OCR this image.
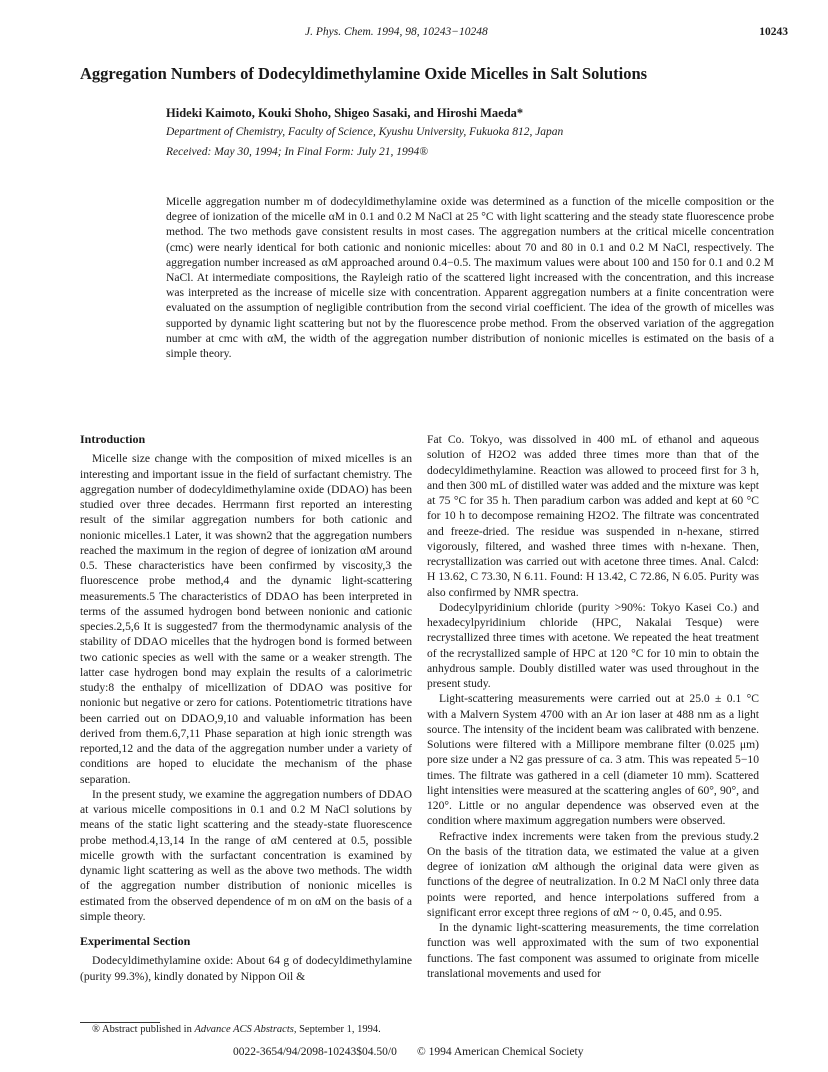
J. Phys. Chem. 1994, 98, 10243−10248	10243
Aggregation Numbers of Dodecyldimethylamine Oxide Micelles in Salt Solutions
Hideki Kaimoto, Kouki Shoho, Shigeo Sasaki, and Hiroshi Maeda*
Department of Chemistry, Faculty of Science, Kyushu University, Fukuoka 812, Japan
Received: May 30, 1994; In Final Form: July 21, 1994®

Micelle aggregation number m of dodecyldimethylamine oxide was determined as a function of the micelle composition or the degree of ionization of the micelle αM in 0.1 and 0.2 M NaCl at 25 °C with light scattering and the steady state fluorescence probe method. The two methods gave consistent results in most cases. The aggregation numbers at the critical micelle concentration (cmc) were nearly identical for both cationic and nonionic micelles: about 70 and 80 in 0.1 and 0.2 M NaCl, respectively. The aggregation number increased as αM approached around 0.4−0.5. The maximum values were about 100 and 150 for 0.1 and 0.2 M NaCl. At intermediate compositions, the Rayleigh ratio of the scattered light increased with the concentration, and this increase was interpreted as the increase of micelle size with concentration. Apparent aggregation numbers at a finite concentration were evaluated on the assumption of negligible contribution from the second virial coefficient. The idea of the growth of micelles was supported by dynamic light scattering but not by the fluorescence probe method. From the observed variation of the aggregation number at cmc with αM, the width of the aggregation number distribution of nonionic micelles is estimated on the basis of a simple theory.

Introduction

Micelle size change with the composition of mixed micelles is an interesting and important issue in the field of surfactant chemistry. The aggregation number of dodecyldimethylamine oxide (DDAO) has been studied over three decades. Herrmann first reported an interesting result of the similar aggregation numbers for both cationic and nonionic micelles.1 Later, it was shown2 that the aggregation numbers reached the maximum in the region of degree of ionization αM around 0.5. These characteristics have been confirmed by viscosity,3 the fluorescence probe method,4 and the dynamic light-scattering measurements.5 The characteristics of DDAO has been interpreted in terms of the assumed hydrogen bond between nonionic and cationic species.2,5,6 It is suggested7 from the thermodynamic analysis of the stability of DDAO micelles that the hydrogen bond is formed between two cationic species as well with the same or a weaker strength. The latter case hydrogen bond may explain the results of a calorimetric study:8 the enthalpy of micellization of DDAO was positive for nonionic but negative or zero for cations. Potentiometric titrations have been carried out on DDAO,9,10 and valuable information has been derived from them.6,7,11 Phase separation at high ionic strength was reported,12 and the data of the aggregation number under a variety of conditions are hoped to elucidate the mechanism of the phase separation.

In the present study, we examine the aggregation numbers of DDAO at various micelle compositions in 0.1 and 0.2 M NaCl solutions by means of the static light scattering and the steady-state fluorescence probe method.4,13,14 In the range of αM centered at 0.5, possible micelle growth with the surfactant concentration is examined by dynamic light scattering as well as the above two methods. The width of the aggregation number distribution of nonionic micelles is estimated from the observed dependence of m on αM on the basis of a simple theory.

Experimental Section

Dodecyldimethylamine oxide: About 64 g of dodecyldimethylamine (purity 99.3%), kindly donated by Nippon Oil &

Fat Co. Tokyo, was dissolved in 400 mL of ethanol and aqueous solution of H2O2 was added three times more than that of the dodecyldimethylamine. Reaction was allowed to proceed first for 3 h, and then 300 mL of distilled water was added and the mixture was kept at 75 °C for 35 h. Then paradium carbon was added and kept at 60 °C for 10 h to decompose remaining H2O2. The filtrate was concentrated and freeze-dried. The residue was suspended in n-hexane, stirred vigorously, filtered, and washed three times with n-hexane. Then, recrystallization was carried out with acetone three times. Anal. Calcd: H 13.62, C 73.30, N 6.11. Found: H 13.42, C 72.86, N 6.05. Purity was also confirmed by NMR spectra.

Dodecylpyridinium chloride (purity >90%: Tokyo Kasei Co.) and hexadecylpyridinium chloride (HPC, Nakalai Tesque) were recrystallized three times with acetone. We repeated the heat treatment of the recrystallized sample of HPC at 120 °C for 10 min to obtain the anhydrous sample. Doubly distilled water was used throughout in the present study.

Light-scattering measurements were carried out at 25.0 ± 0.1 °C with a Malvern System 4700 with an Ar ion laser at 488 nm as a light source. The intensity of the incident beam was calibrated with benzene. Solutions were filtered with a Millipore membrane filter (0.025 μm) pore size under a N2 gas pressure of ca. 3 atm. This was repeated 5−10 times. The filtrate was gathered in a cell (diameter 10 mm). Scattered light intensities were measured at the scattering angles of 60°, 90°, and 120°. Little or no angular dependence was observed even at the condition where maximum aggregation numbers were observed.

Refractive index increments were taken from the previous study.2 On the basis of the titration data, we estimated the value at a given degree of ionization αM although the original data were given as functions of the degree of neutralization. In 0.2 M NaCl only three data points were reported, and hence interpolations suffered from a significant error except three regions of αM ~ 0, 0.45, and 0.95.

In the dynamic light-scattering measurements, the time correlation function was well approximated with the sum of two exponential functions. The fast component was assumed to originate from micelle translational movements and used for

® Abstract published in Advance ACS Abstracts, September 1, 1994.
0022-3654/94/2098-10243$04.50/0 © 1994 American Chemical Society
